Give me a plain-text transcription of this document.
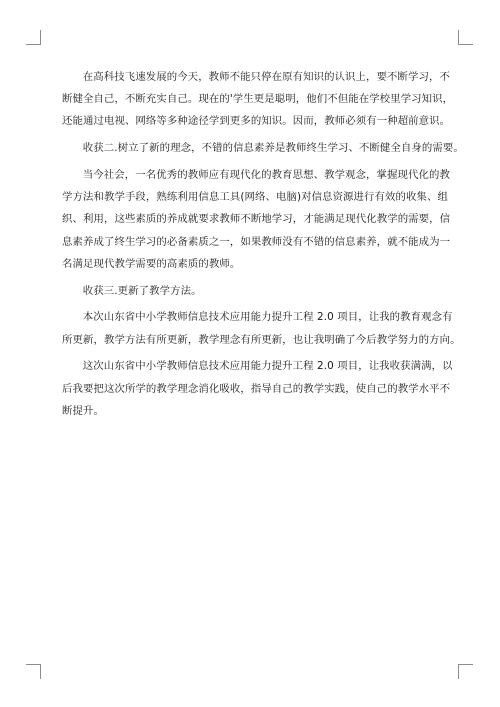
在高科技飞速发展的今天，教师不能只停在原有知识的认识上，要不断学习，不
断健全自己，不断充实自己。现在的'学生更是聪明，他们不但能在学校里学习知识，
还能通过电视、网络等多种途径学到更多的知识。因而，教师必须有一种超前意识。

收获二.树立了新的理念，不错的信息素养是教师终生学习、不断健全自身的需要。

当今社会，一名优秀的教师应有现代化的教育思想、教学观念，掌握现代化的教
学方法和教学手段，熟练利用信息工具(网络、电脑)对信息资源进行有效的收集、组
织、利用，这些素质的养成就要求教师不断地学习，才能满足现代化教学的需要，信
息素养成了终生学习的必备素质之一，如果教师没有不错的信息素养，就不能成为一
名满足现代教学需要的高素质的教师。

收获三.更新了教学方法。

本次山东省中小学教师信息技术应用能力提升工程 2.0 项目，让我的教育观念有
所更新，教学方法有所更新，教学理念有所更新，也让我明确了今后教学努力的方向。

这次山东省中小学教师信息技术应用能力提升工程 2.0 项目，让我收获满满，以
后我要把这次所学的教学理念消化吸收，指导自己的教学实践，使自己的教学水平不
断提升。
